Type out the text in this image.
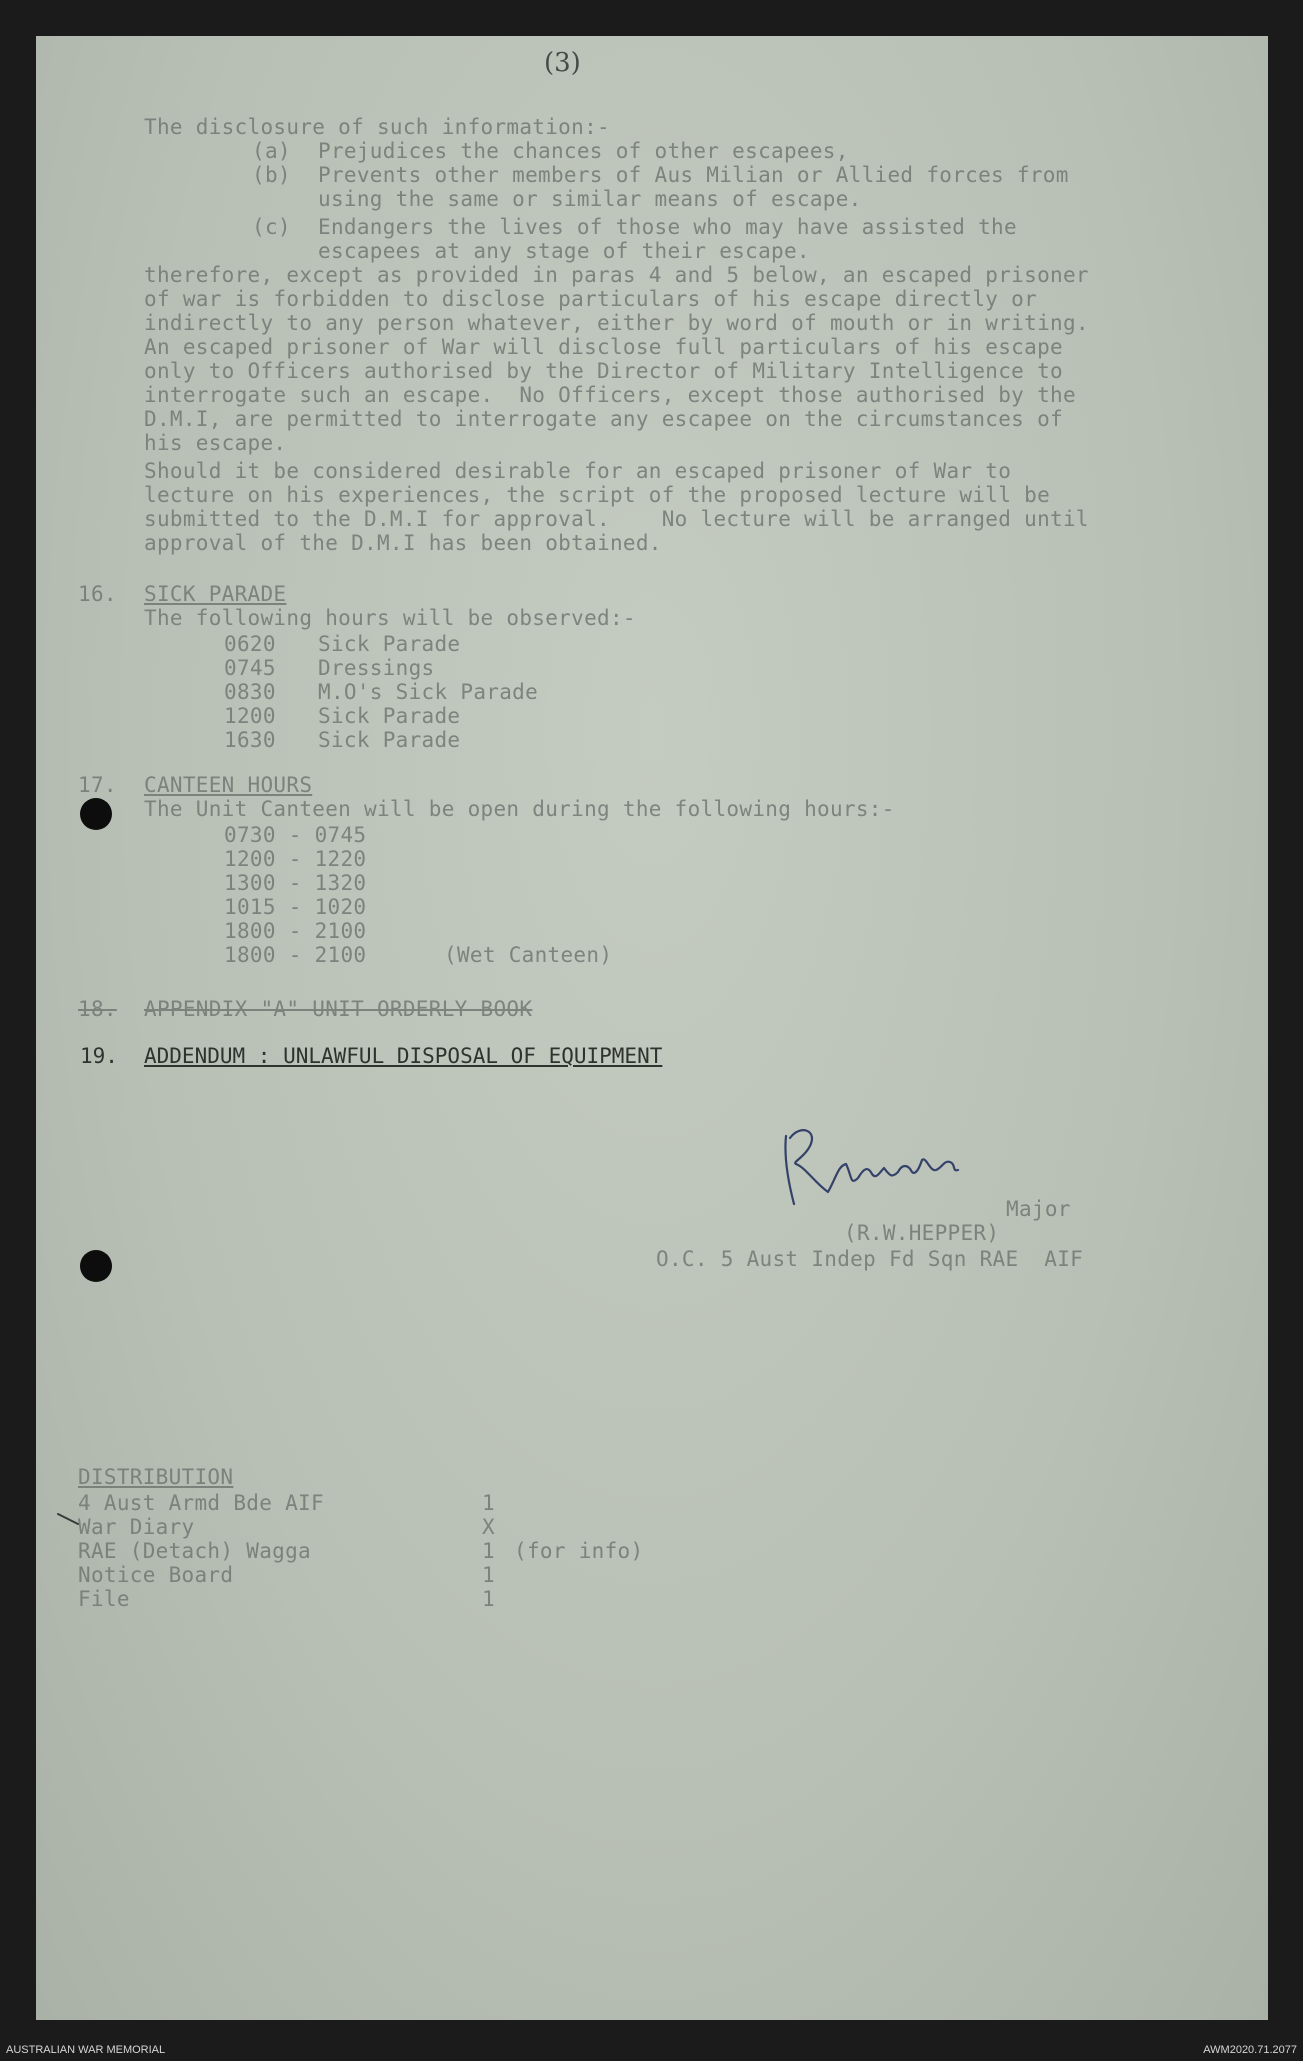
(3)
The disclosure of such information:-
(a) Prejudices the chances of other escapees,
(b) Prevents other members of Aus Milian or Allied forces from
using the same or similar means of escape.
(c) Endangers the lives of those who may have assisted the
escapees at any stage of their escape.
therefore, except as provided in paras 4 and 5 below, an escaped prisoner
of war is forbidden to disclose particulars of his escape directly or
indirectly to any person whatever, either by word of mouth or in writing.
An escaped prisoner of War will disclose full particulars of his escape
only to Officers authorised by the Director of Military Intelligence to
interrogate such an escape.  No Officers, except those authorised by the
D.M.I, are permitted to interrogate any escapee on the circumstances of
his escape.
Should it be considered desirable for an escaped prisoner of War to
lecture on his experiences, the script of the proposed lecture will be
submitted to the D.M.I for approval.    No lecture will be arranged until
approval of the D.M.I has been obtained.
16. SICK PARADE
The following hours will be observed:-
0620 Sick Parade
0745 Dressings
0830 M.O's Sick Parade
1200 Sick Parade
1630 Sick Parade
17. CANTEEN HOURS
The Unit Canteen will be open during the following hours:-
0730 - 0745
1200 - 1220
1300 - 1320
1015 - 1020
1800 - 2100
1800 - 2100	(Wet Canteen)
18. APPENDIX "A" UNIT ORDERLY BOOK
19. ADDENDUM : UNLAWFUL DISPOSAL OF EQUIPMENT
Major
(R.W.HEPPER)
O.C. 5 Aust Indep Fd Sqn RAE  AIF
DISTRIBUTION
4 Aust Armd Bde AIF	1
War Diary	X
RAE (Detach) Wagga	1 (for info)
Notice Board	1
File	1
AUSTRALIAN WAR MEMORIAL	AWM2020.71.2077
